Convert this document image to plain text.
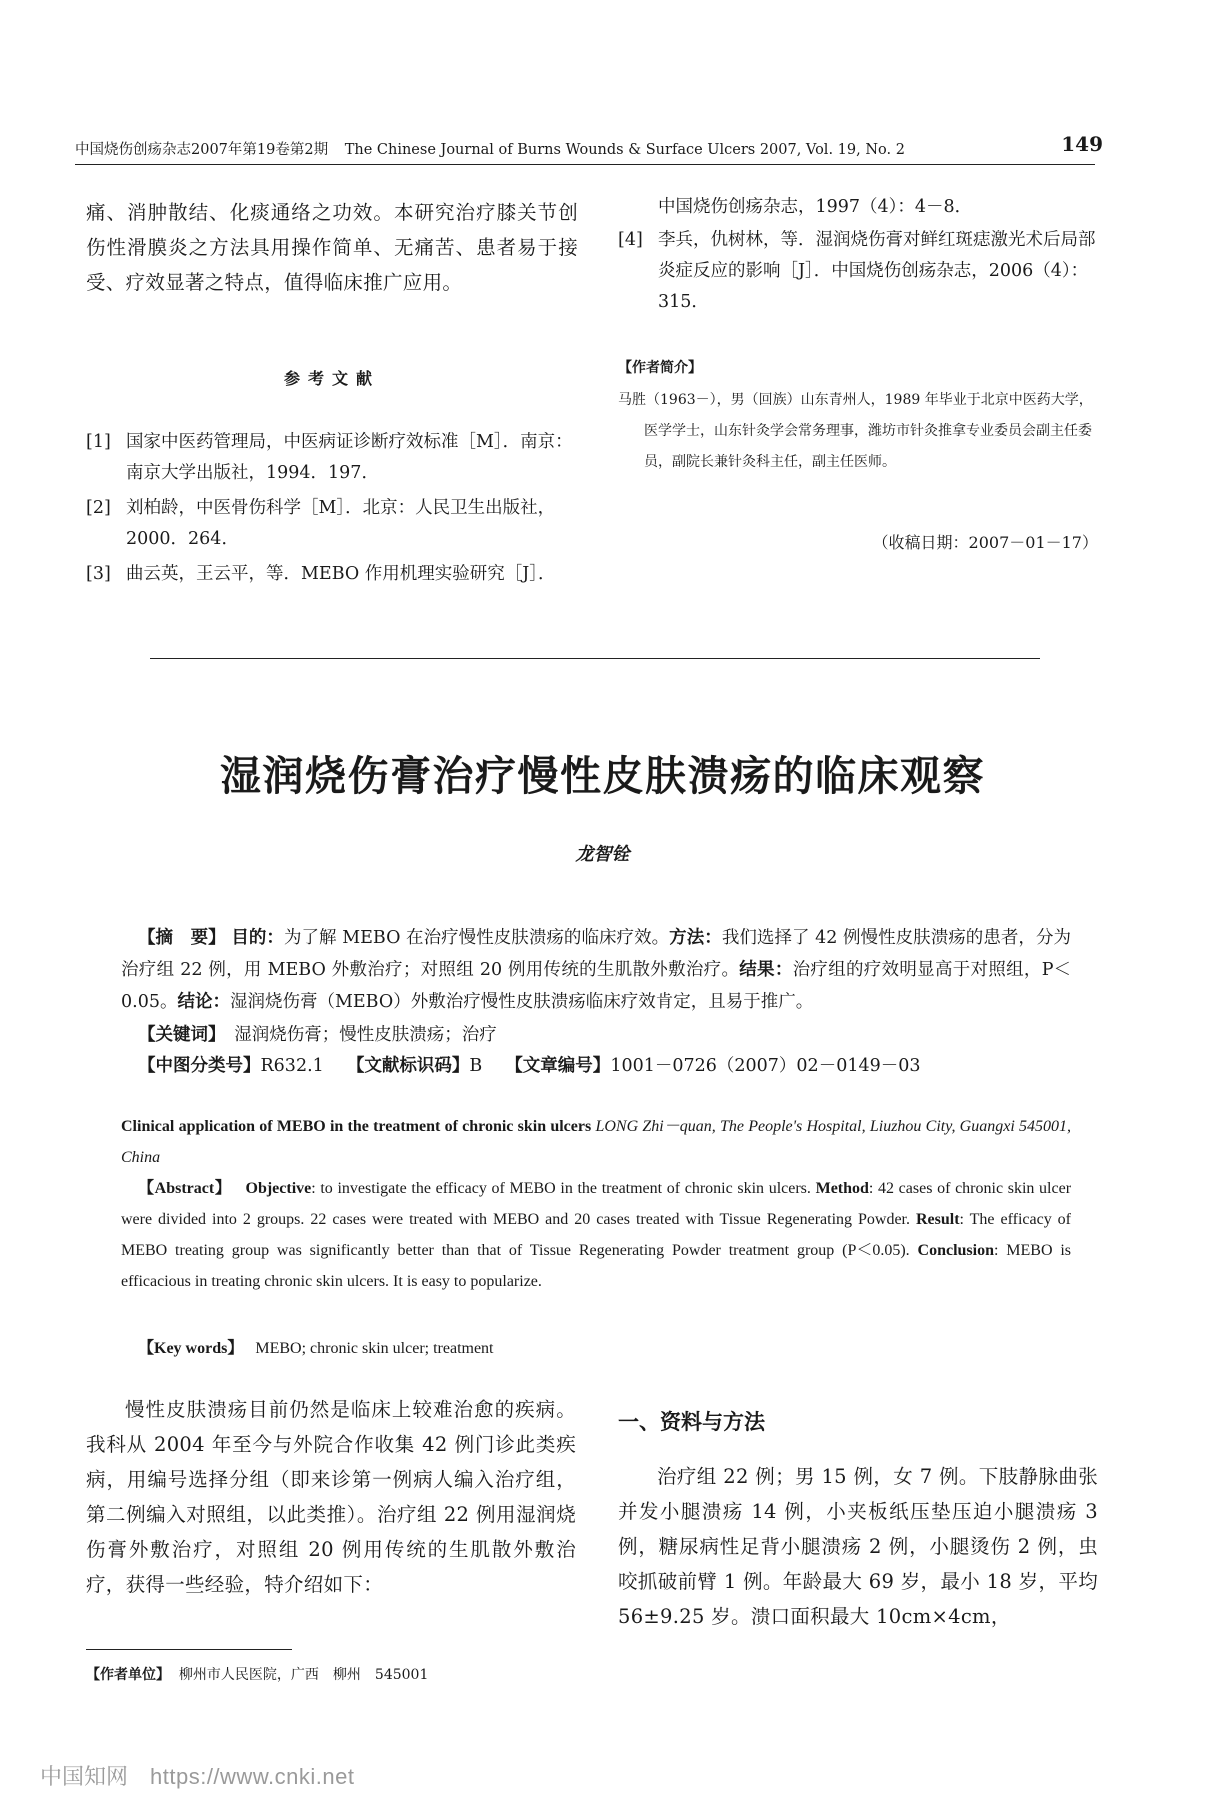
中国烧伤创疡杂志2007年第19卷第2期 The Chinese Journal of Burns Wounds & Surface Ulcers 2007, Vol. 19, No. 2	149
痛、消肿散结、化痰通络之功效。本研究治疗膝关节创伤性滑膜炎之方法具用操作简单、无痛苦、患者易于接受、疗效显著之特点，值得临床推广应用。
参考文献
[1] 国家中医药管理局，中医病证诊断疗效标准［M］．南京：南京大学出版社，1994．197．
[2] 刘柏龄，中医骨伤科学［M］．北京：人民卫生出版社，2000．264．
[3] 曲云英，王云平，等．MEBO 作用机理实验研究［J］．
中国烧伤创疡杂志，1997（4）：4－8．
[4] 李兵，仇树林，等．湿润烧伤膏对鲜红斑痣激光术后局部炎症反应的影响［J］．中国烧伤创疡杂志，2006（4）：315．
【作者简介】
马胜（1963－），男（回族）山东青州人，1989 年毕业于北京中医药大学，医学学士，山东针灸学会常务理事，潍坊市针灸推拿专业委员会副主任委员，副院长兼针灸科主任，副主任医师。
（收稿日期：2007－01－17）
湿润烧伤膏治疗慢性皮肤溃疡的临床观察
龙智铨
【摘　要】 目的：为了解 MEBO 在治疗慢性皮肤溃疡的临床疗效。方法：我们选择了 42 例慢性皮肤溃疡的患者，分为治疗组 22 例，用 MEBO 外敷治疗；对照组 20 例用传统的生肌散外敷治疗。结果：治疗组的疗效明显高于对照组，P＜0.05。结论：湿润烧伤膏（MEBO）外敷治疗慢性皮肤溃疡临床疗效肯定，且易于推广。
【关键词】　 湿润烧伤膏；慢性皮肤溃疡；治疗
【中图分类号】R632.1　 【文献标识码】B　 【文章编号】1001－0726（2007）02－0149－03
Clinical application of MEBO in the treatment of chronic skin ulcers LONG Zhi－quan, The People's Hospital, Liuzhou City, Guangxi 545001, China
【Abstract】 Objective: to investigate the efficacy of MEBO in the treatment of chronic skin ulcers. Method: 42 cases of chronic skin ulcer were divided into 2 groups. 22 cases were treated with MEBO and 20 cases treated with Tissue Regenerating Powder. Result: The efficacy of MEBO treating group was significantly better than that of Tissue Regenerating Powder treatment group (P＜0.05). Conclusion: MEBO is efficacious in treating chronic skin ulcers. It is easy to popularize.
【Key words】 MEBO; chronic skin ulcer; treatment
慢性皮肤溃疡目前仍然是临床上较难治愈的疾病。我科从 2004 年至今与外院合作收集 42 例门诊此类疾病，用编号选择分组（即来诊第一例病人编入治疗组，第二例编入对照组，以此类推）。治疗组 22 例用湿润烧伤膏外敷治疗，对照组 20 例用传统的生肌散外敷治疗，获得一些经验，特介绍如下：
【作者单位】 柳州市人民医院，广西　柳州　545001
一、资料与方法
治疗组 22 例；男 15 例，女 7 例。下肢静脉曲张并发小腿溃疡 14 例，小夹板纸压垫压迫小腿溃疡 3 例，糖尿病性足背小腿溃疡 2 例，小腿烫伤 2 例，虫咬抓破前臂 1 例。年龄最大 69 岁，最小 18 岁，平均 56±9.25 岁。溃口面积最大 10cm×4cm，
中国知网 https://www.cnki.net
